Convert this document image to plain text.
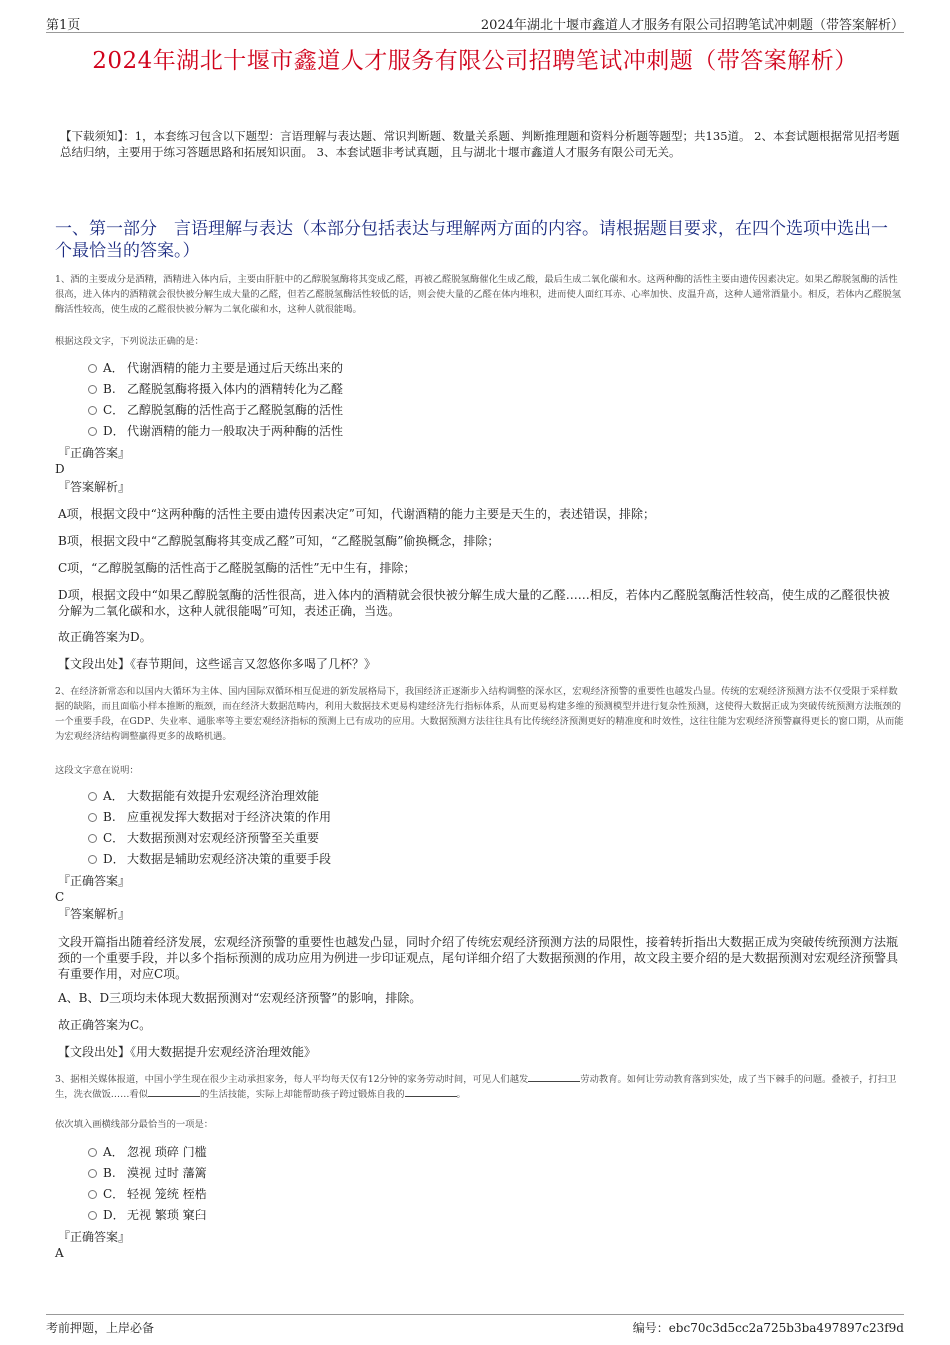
第1页	2024年湖北十堰市鑫道人才服务有限公司招聘笔试冲刺题（带答案解析）
2024年湖北十堰市鑫道人才服务有限公司招聘笔试冲刺题（带答案解析）
【下载须知】：1，本套练习包含以下题型：言语理解与表达题、常识判断题、数量关系题、判断推理题和资料分析题等题型；共135道。 2、本套试题根据常见招考题总结归纳，主要用于练习答题思路和拓展知识面。 3、本套试题非考试真题，且与湖北十堰市鑫道人才服务有限公司无关。
一、第一部分　言语理解与表达（本部分包括表达与理解两方面的内容。请根据题目要求，在四个选项中选出一个最恰当的答案。）
1、酒的主要成分是酒精，酒精进入体内后，主要由肝脏中的乙醇脱氢酶将其变成乙醛，再被乙醛脱氢酶催化生成乙酸，最后生成二氧化碳和水。这两种酶的活性主要由遗传因素决定。如果乙醇脱氢酶的活性很高，进入体内的酒精就会很快被分解生成大量的乙醛，但若乙醛脱氢酶活性较低的话，则会使大量的乙醛在体内堆积，进而使人面红耳赤、心率加快、皮温升高，这种人通常酒量小。相反，若体内乙醛脱氢酶活性较高，使生成的乙醛很快被分解为二氧化碳和水，这种人就很能喝。
根据这段文字，下列说法正确的是：
A． 代谢酒精的能力主要是通过后天练出来的
B. 乙醛脱氢酶将摄入体内的酒精转化为乙醛
C． 乙醇脱氢酶的活性高于乙醛脱氢酶的活性
D． 代谢酒精的能力一般取决于两种酶的活性
『正确答案』
D
『答案解析』
A项，根据文段中“这两种酶的活性主要由遗传因素决定”可知，代谢酒精的能力主要是天生的，表述错误，排除；
B项，根据文段中“乙醇脱氢酶将其变成乙醛”可知，“乙醛脱氢酶”偷换概念，排除；
C项，“乙醇脱氢酶的活性高于乙醛脱氢酶的活性”无中生有，排除；
D项，根据文段中“如果乙醇脱氢酶的活性很高，进入体内的酒精就会很快被分解生成大量的乙醛……相反，若体内乙醛脱氢酶活性较高，使生成的乙醛很快被分解为二氧化碳和水，这种人就很能喝”可知，表述正确，当选。
故正确答案为D。
【文段出处】《春节期间，这些谣言又忽悠你多喝了几杯？》
2、在经济新常态和以国内大循环为主体、国内国际双循环相互促进的新发展格局下，我国经济正逐渐步入结构调整的深水区，宏观经济预警的重要性也越发凸显。传统的宏观经济预测方法不仅受限于采样数据的缺陷，而且面临小样本推断的瓶颈，而在经济大数据范畴内，利用大数据技术更易构建经济先行指标体系，从而更易构建多维的预测模型并进行复杂性预测，这使得大数据正成为突破传统预测方法瓶颈的一个重要手段，在GDP、失业率、通胀率等主要宏观经济指标的预测上已有成功的应用。大数据预测方法往往具有比传统经济预测更好的精准度和时效性，这往往能为宏观经济预警赢得更长的窗口期，从而能为宏观经济结构调整赢得更多的战略机遇。
这段文字意在说明：
A． 大数据能有效提升宏观经济治理效能
B. 应重视发挥大数据对于经济决策的作用
C． 大数据预测对宏观经济预警至关重要
D． 大数据是辅助宏观经济决策的重要手段
『正确答案』
C
『答案解析』
文段开篇指出随着经济发展，宏观经济预警的重要性也越发凸显，同时介绍了传统宏观经济预测方法的局限性，接着转折指出大数据正成为突破传统预测方法瓶颈的一个重要手段，并以多个指标预测的成功应用为例进一步印证观点，尾句详细介绍了大数据预测的作用，故文段主要介绍的是大数据预测对宏观经济预警具有重要作用，对应C项。
A、B、D三项均未体现大数据预测对“宏观经济预警”的影响，排除。
故正确答案为C。
【文段出处】《用大数据提升宏观经济治理效能》
3、据相关媒体报道，中国小学生现在很少主动承担家务，每人平均每天仅有12分钟的家务劳动时间，可见人们越发	劳动教育。如何让劳动教育落到实处，成了当下棘手的问题。叠被子，打扫卫生，洗衣做饭……看似	的生活技能，实际上却能帮助孩子跨过锻炼自我的	。
依次填入画横线部分最恰当的一项是：
A． 忽视 琐碎 门槛
B. 漠视 过时 藩篱
C． 轻视 笼统 桎梏
D． 无视 繁琐 窠臼
『正确答案』
A
考前押题，上岸必备	编号：ebc70c3d5cc2a725b3ba497897c23f9d
